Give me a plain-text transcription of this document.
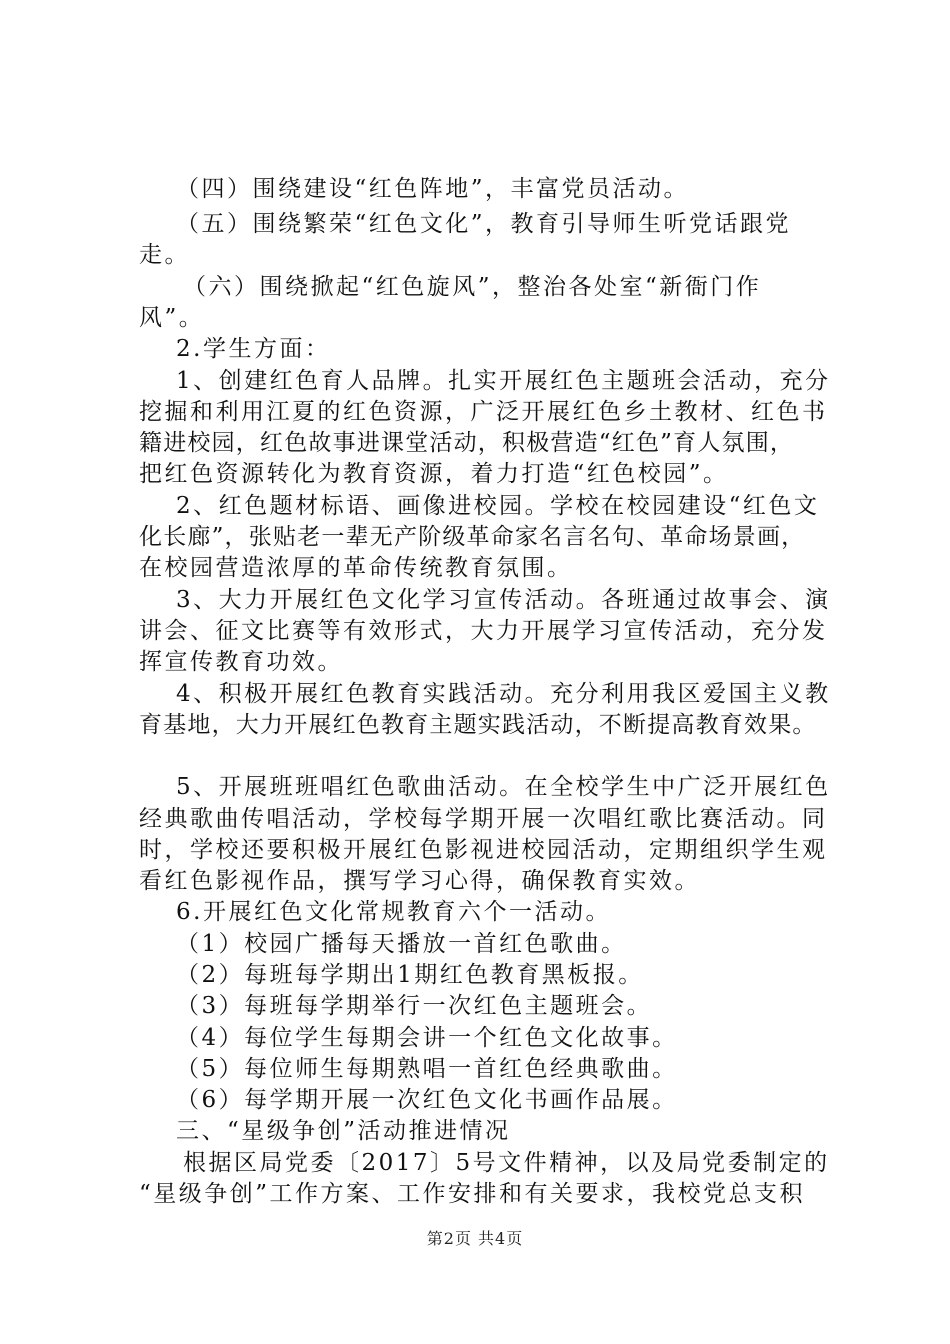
（四）围绕建设“红色阵地”，丰富党员活动。
（五）围绕繁荣“红色文化”，教育引导师生听党话跟党
走。
（六）围绕掀起“红色旋风”，整治各处室“新衙门作
风”。
2.学生方面：
1、创建红色育人品牌。扎实开展红色主题班会活动，充分
挖掘和利用江夏的红色资源，广泛开展红色乡土教材、红色书
籍进校园，红色故事进课堂活动，积极营造“红色”育人氛围，
把红色资源转化为教育资源，着力打造“红色校园”。
2、红色题材标语、画像进校园。学校在校园建设“红色文
化长廊”，张贴老一辈无产阶级革命家名言名句、革命场景画，
在校园营造浓厚的革命传统教育氛围。
3、大力开展红色文化学习宣传活动。各班通过故事会、演
讲会、征文比赛等有效形式，大力开展学习宣传活动，充分发
挥宣传教育功效。
4、积极开展红色教育实践活动。充分利用我区爱国主义教
育基地，大力开展红色教育主题实践活动，不断提高教育效果。
5、开展班班唱红色歌曲活动。在全校学生中广泛开展红色
经典歌曲传唱活动，学校每学期开展一次唱红歌比赛活动。同
时，学校还要积极开展红色影视进校园活动，定期组织学生观
看红色影视作品，撰写学习心得，确保教育实效。
6.开展红色文化常规教育六个一活动。
（1）校园广播每天播放一首红色歌曲。
（2）每班每学期出1期红色教育黑板报。
（3）每班每学期举行一次红色主题班会。
（4）每位学生每期会讲一个红色文化故事。
（5）每位师生每期熟唱一首红色经典歌曲。
（6）每学期开展一次红色文化书画作品展。
三、“星级争创”活动推进情况
根据区局党委〔2017〕5号文件精神，以及局党委制定的
“星级争创”工作方案、工作安排和有关要求，我校党总支积
第2页 共4页
